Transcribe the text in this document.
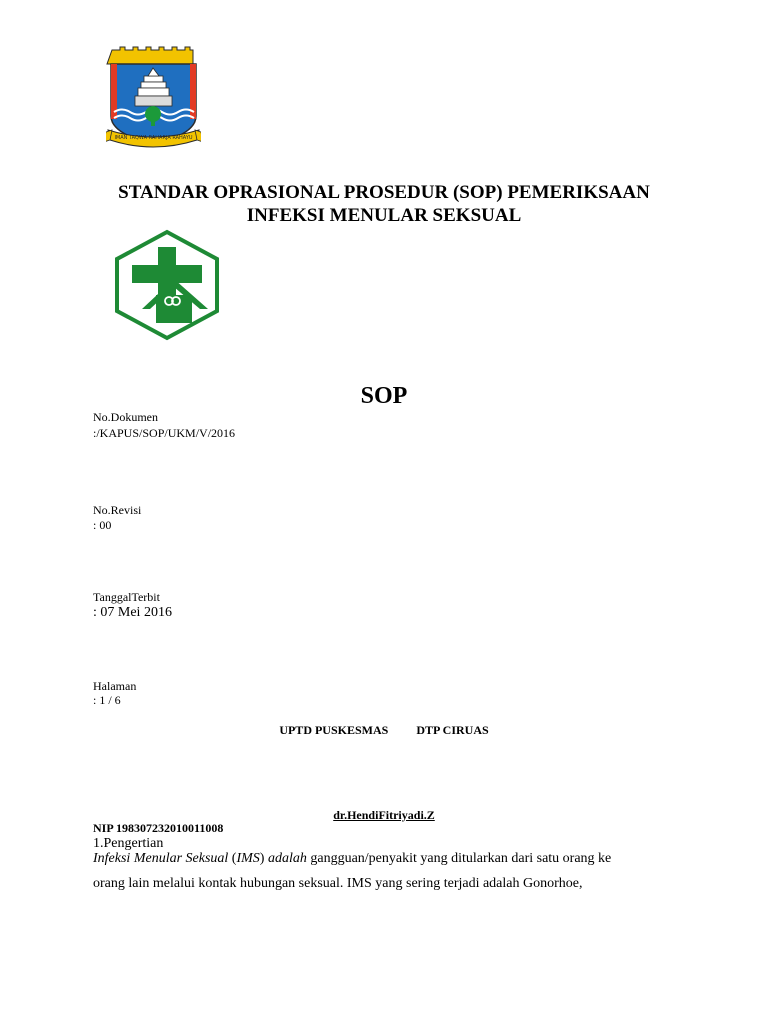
IMAN TAQWA RAHARJA RAHAYU
STANDAR OPRASIONAL PROSEDUR (SOP) PEMERIKSAAN
INFEKSI MENULAR SEKSUAL
SOP
No.Dokumen
:/KAPUS/SOP/UKM/V/2016
No.Revisi
: 00
TanggalTerbit
: 07 Mei 2016
Halaman
: 1 / 6
UPTD PUSKESMAS DTP CIRUAS
dr.HendiFitriyadi.Z
NIP 198307232010011008
1.Pengertian
Infeksi Menular Seksual (IMS) adalah gangguan/penyakit yang ditularkan dari satu orang ke
orang lain melalui kontak hubungan seksual. IMS yang sering terjadi adalah Gonorhoe,
